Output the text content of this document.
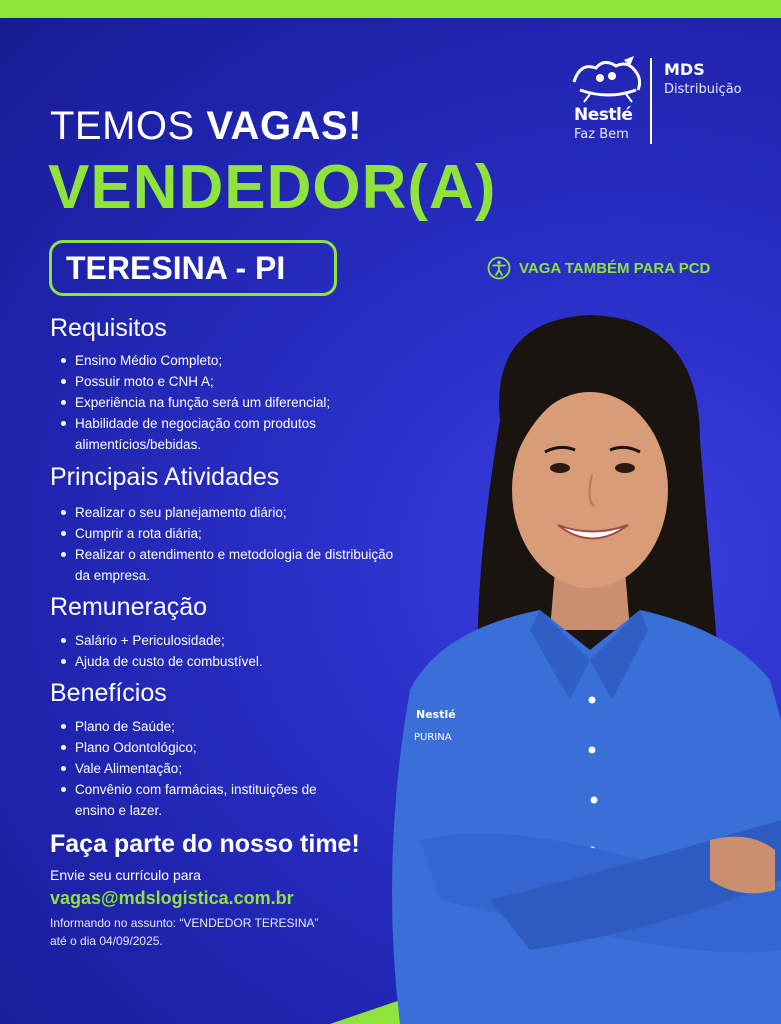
Nestlé
Faz Bem
MDS
Distribuição
TEMOS VAGAS!
VENDEDOR(A)
TERESINA - PI	VAGA TAMBÉM PARA PCD
Requisitos
Ensino Médio Completo;
Possuir moto e CNH A;
Experiência na função será um diferencial;
Habilidade de negociação com produtos alimentícios/bebidas.
Principais Atividades
Realizar o seu planejamento diário;
Cumprir a rota diária;
Realizar o atendimento e metodologia de distribuição da empresa.
Remuneração
Salário + Periculosidade;
Ajuda de custo de combustível.
Benefícios
Plano de Saúde;
Plano Odontológico;
Vale Alimentação;
Convênio com farmácias, instituições de ensino e lazer.
Faça parte do nosso time!
Envie seu currículo para
vagas@mdslogistica.com.br
Informando no assunto: “VENDEDOR TERESINA”
até o dia 04/09/2025.
Nestlé
PURINA
